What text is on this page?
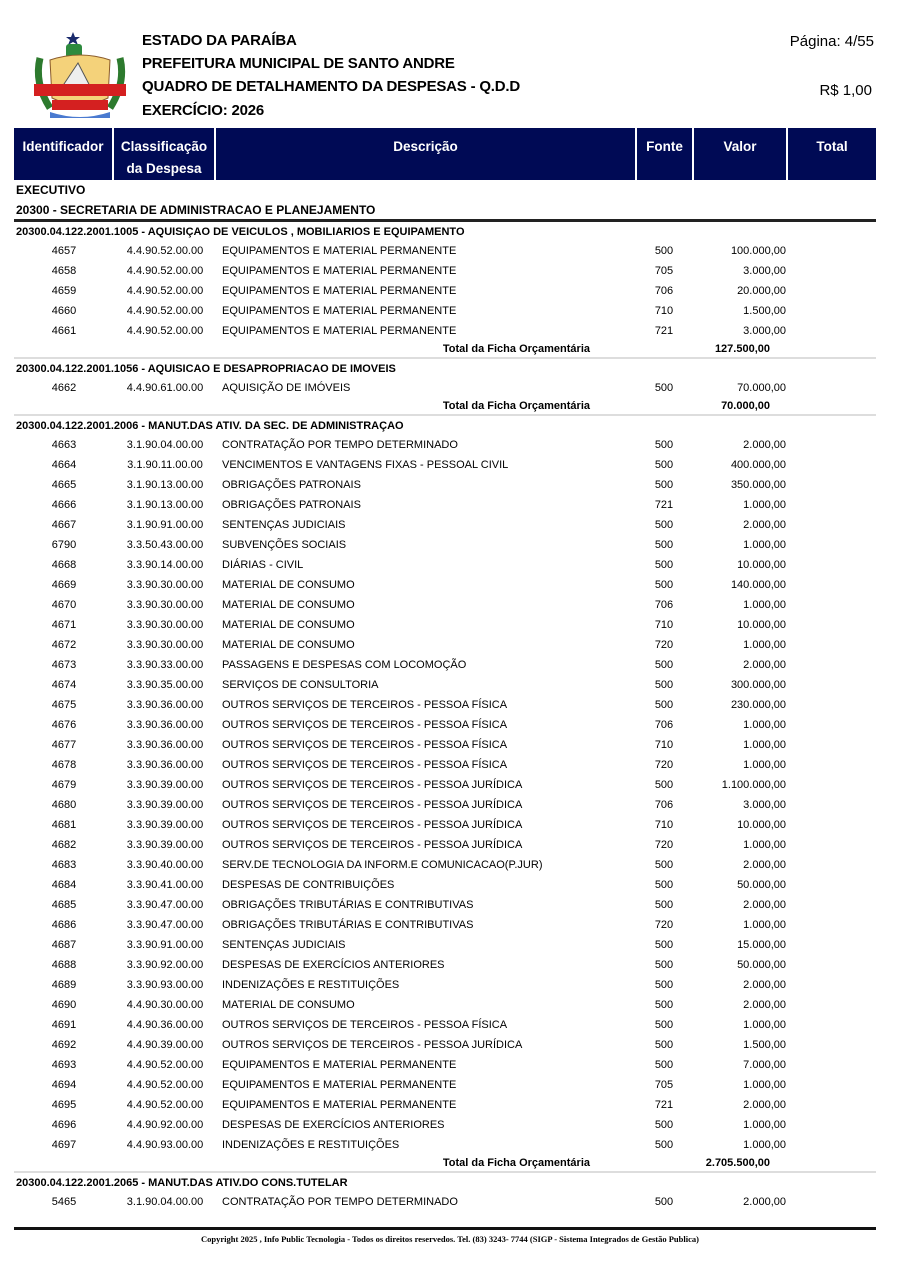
ESTADO DA PARAÍBA
PREFEITURA MUNICIPAL DE SANTO ANDRE
QUADRO DE DETALHAMENTO DA DESPESAS - Q.D.D
EXERCÍCIO: 2026
Página: 4/55
R$ 1,00
Identificador	Classificação
da Despesa
Descrição	Fonte	Valor	Total
EXECUTIVO
20300 - SECRETARIA DE ADMINISTRACAO E PLANEJAMENTO
20300.04.122.2001.1005 - AQUISIÇAO DE VEICULOS , MOBILIARIOS E EQUIPAMENTO
4657	4.4.90.52.00.00	EQUIPAMENTOS E MATERIAL PERMANENTE	500	100.000,00
4658	4.4.90.52.00.00	EQUIPAMENTOS E MATERIAL PERMANENTE	705	3.000,00
4659	4.4.90.52.00.00	EQUIPAMENTOS E MATERIAL PERMANENTE	706	20.000,00
4660	4.4.90.52.00.00	EQUIPAMENTOS E MATERIAL PERMANENTE	710	1.500,00
4661	4.4.90.52.00.00	EQUIPAMENTOS E MATERIAL PERMANENTE	721	3.000,00
Total da Ficha Orçamentária	127.500,00
20300.04.122.2001.1056 - AQUISICAO E DESAPROPRIACAO DE IMOVEIS
4662	4.4.90.61.00.00	AQUISIÇÃO DE IMÓVEIS	500	70.000,00
Total da Ficha Orçamentária	70.000,00
20300.04.122.2001.2006 - MANUT.DAS ATIV. DA SEC. DE ADMINISTRAÇAO
4663	3.1.90.04.00.00	CONTRATAÇÃO POR TEMPO DETERMINADO	500	2.000,00
4664	3.1.90.11.00.00	VENCIMENTOS E VANTAGENS FIXAS - PESSOAL CIVIL	500	400.000,00
4665	3.1.90.13.00.00	OBRIGAÇÕES PATRONAIS	500	350.000,00
4666	3.1.90.13.00.00	OBRIGAÇÕES PATRONAIS	721	1.000,00
4667	3.1.90.91.00.00	SENTENÇAS JUDICIAIS	500	2.000,00
6790	3.3.50.43.00.00	SUBVENÇÕES SOCIAIS	500	1.000,00
4668	3.3.90.14.00.00	DIÁRIAS - CIVIL	500	10.000,00
4669	3.3.90.30.00.00	MATERIAL DE CONSUMO	500	140.000,00
4670	3.3.90.30.00.00	MATERIAL DE CONSUMO	706	1.000,00
4671	3.3.90.30.00.00	MATERIAL DE CONSUMO	710	10.000,00
4672	3.3.90.30.00.00	MATERIAL DE CONSUMO	720	1.000,00
4673	3.3.90.33.00.00	PASSAGENS E DESPESAS COM LOCOMOÇÃO	500	2.000,00
4674	3.3.90.35.00.00	SERVIÇOS DE CONSULTORIA	500	300.000,00
4675	3.3.90.36.00.00	OUTROS SERVIÇOS DE TERCEIROS - PESSOA FÍSICA	500	230.000,00
4676	3.3.90.36.00.00	OUTROS SERVIÇOS DE TERCEIROS - PESSOA FÍSICA	706	1.000,00
4677	3.3.90.36.00.00	OUTROS SERVIÇOS DE TERCEIROS - PESSOA FÍSICA	710	1.000,00
4678	3.3.90.36.00.00	OUTROS SERVIÇOS DE TERCEIROS - PESSOA FÍSICA	720	1.000,00
4679	3.3.90.39.00.00	OUTROS SERVIÇOS DE TERCEIROS - PESSOA JURÍDICA	500	1.100.000,00
4680	3.3.90.39.00.00	OUTROS SERVIÇOS DE TERCEIROS - PESSOA JURÍDICA	706	3.000,00
4681	3.3.90.39.00.00	OUTROS SERVIÇOS DE TERCEIROS - PESSOA JURÍDICA	710	10.000,00
4682	3.3.90.39.00.00	OUTROS SERVIÇOS DE TERCEIROS - PESSOA JURÍDICA	720	1.000,00
4683	3.3.90.40.00.00	SERV.DE TECNOLOGIA DA INFORM.E COMUNICACAO(P.JUR)	500	2.000,00
4684	3.3.90.41.00.00	DESPESAS DE CONTRIBUIÇÕES	500	50.000,00
4685	3.3.90.47.00.00	OBRIGAÇÕES TRIBUTÁRIAS E CONTRIBUTIVAS	500	2.000,00
4686	3.3.90.47.00.00	OBRIGAÇÕES TRIBUTÁRIAS E CONTRIBUTIVAS	720	1.000,00
4687	3.3.90.91.00.00	SENTENÇAS JUDICIAIS	500	15.000,00
4688	3.3.90.92.00.00	DESPESAS DE EXERCÍCIOS ANTERIORES	500	50.000,00
4689	3.3.90.93.00.00	INDENIZAÇÕES E RESTITUIÇÕES	500	2.000,00
4690	4.4.90.30.00.00	MATERIAL DE CONSUMO	500	2.000,00
4691	4.4.90.36.00.00	OUTROS SERVIÇOS DE TERCEIROS - PESSOA FÍSICA	500	1.000,00
4692	4.4.90.39.00.00	OUTROS SERVIÇOS DE TERCEIROS - PESSOA JURÍDICA	500	1.500,00
4693	4.4.90.52.00.00	EQUIPAMENTOS E MATERIAL PERMANENTE	500	7.000,00
4694	4.4.90.52.00.00	EQUIPAMENTOS E MATERIAL PERMANENTE	705	1.000,00
4695	4.4.90.52.00.00	EQUIPAMENTOS E MATERIAL PERMANENTE	721	2.000,00
4696	4.4.90.92.00.00	DESPESAS DE EXERCÍCIOS ANTERIORES	500	1.000,00
4697	4.4.90.93.00.00	INDENIZAÇÕES E RESTITUIÇÕES	500	1.000,00
Total da Ficha Orçamentária	2.705.500,00
20300.04.122.2001.2065 - MANUT.DAS ATIV.DO CONS.TUTELAR
5465	3.1.90.04.00.00	CONTRATAÇÃO POR TEMPO DETERMINADO	500	2.000,00
Copyright 2025 , Info Public Tecnologia - Todos os direitos reservedos. Tel. (83) 3243- 7744 (SIGP - Sistema Integrados de Gestão Publica)
